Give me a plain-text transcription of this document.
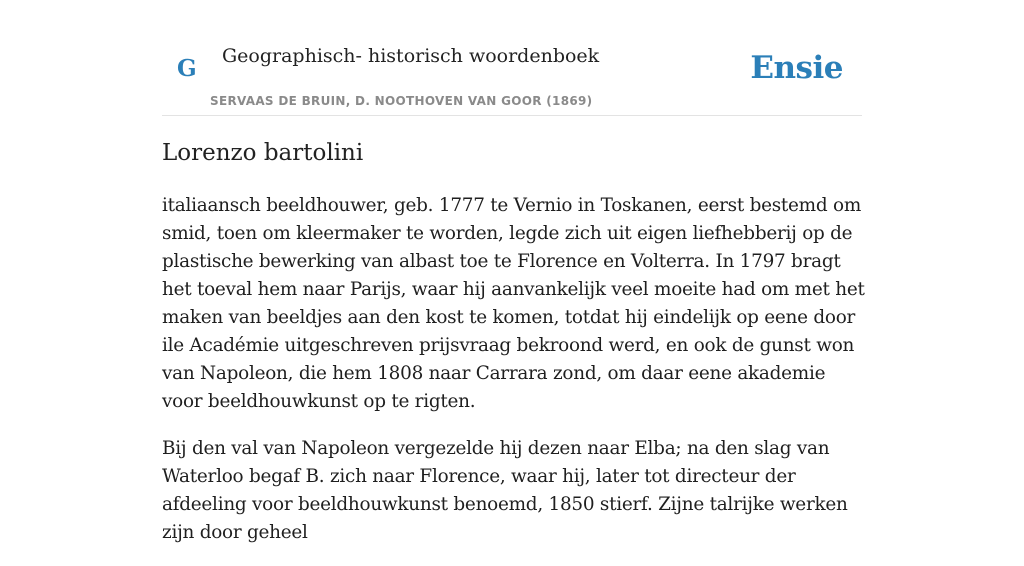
G Geographisch- historisch woordenboek
SERVAAS DE BRUIN, D. NOOTHOVEN VAN GOOR (1869)
Ensie
Lorenzo bartolini

italiaansch beeldhouwer, geb. 1777 te Vernio in Toskanen, eerst bestemd om smid, toen om kleermaker te worden, legde zich uit eigen liefhebberij op de plastische bewerking van albast toe te Florence en Volterra. In 1797 bragt het toeval hem naar Parijs, waar hij aanvankelijk veel moeite had om met het maken van beeldjes aan den kost te komen, totdat hij eindelijk op eene door ile Académie uitgeschreven prijsvraag bekroond werd, en ook de gunst won van Napoleon, die hem 1808 naar Carrara zond, om daar eene akademie voor beeldhouwkunst op te rigten.

Bij den val van Napoleon vergezelde hij dezen naar Elba; na den slag van Waterloo begaf B. zich naar Florence, waar hij, later tot directeur der afdeeling voor beeldhouwkunst benoemd, 1850 stierf. Zijne talrijke werken zijn door geheel
